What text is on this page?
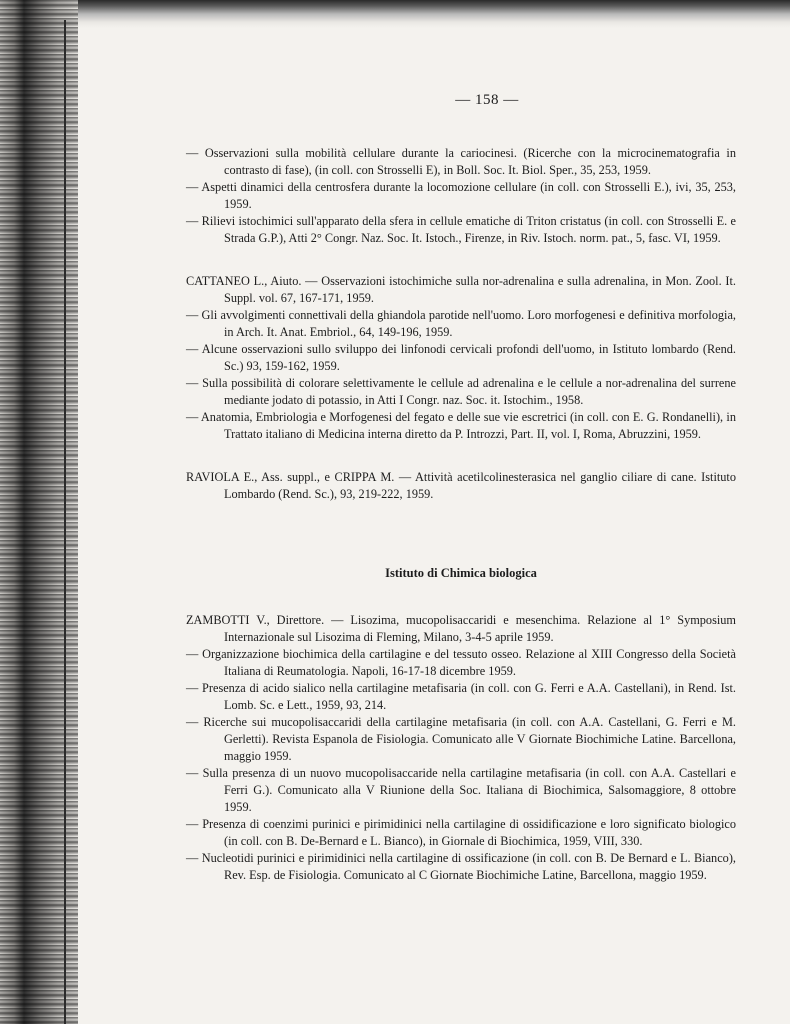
— 158 —

— Osservazioni sulla mobilità cellulare durante la cariocinesi. (Ricerche con la microcinematografia in contrasto di fase), (in coll. con Strosselli E), in Boll. Soc. It. Biol. Sper., 35, 253, 1959.

— Aspetti dinamici della centrosfera durante la locomozione cellulare (in coll. con Strosselli E.), ivi, 35, 253, 1959.

— Rilievi istochimici sull'apparato della sfera in cellule ematiche di Triton cristatus (in coll. con Strosselli E. e Strada G.P.), Atti 2° Congr. Naz. Soc. It. Istoch., Firenze, in Riv. Istoch. norm. pat., 5, fasc. VI, 1959.

CATTANEO L., Aiuto. — Osservazioni istochimiche sulla nor-adrenalina e sulla adrenalina, in Mon. Zool. It. Suppl. vol. 67, 167-171, 1959.

— Gli avvolgimenti connettivali della ghiandola parotide nell'uomo. Loro morfogenesi e definitiva morfologia, in Arch. It. Anat. Embriol., 64, 149-196, 1959.

— Alcune osservazioni sullo sviluppo dei linfonodi cervicali profondi dell'uomo, in Istituto lombardo (Rend. Sc.) 93, 159-162, 1959.

— Sulla possibilità di colorare selettivamente le cellule ad adrenalina e le cellule a nor-adrenalina del surrene mediante jodato di potassio, in Atti I Congr. naz. Soc. it. Istochim., 1958.

— Anatomia, Embriologia e Morfogenesi del fegato e delle sue vie escretrici (in coll. con E. G. Rondanelli), in Trattato italiano di Medicina interna diretto da P. Introzzi, Part. II, vol. I, Roma, Abruzzini, 1959.

RAVIOLA E., Ass. suppl., e CRIPPA M. — Attività acetilcolinesterasica nel ganglio ciliare di cane. Istituto Lombardo (Rend. Sc.), 93, 219-222, 1959.

Istituto di Chimica biologica

ZAMBOTTI V., Direttore. — Lisozima, mucopolisaccaridi e mesenchima. Relazione al 1° Symposium Internazionale sul Lisozima di Fleming, Milano, 3-4-5 aprile 1959.

— Organizzazione biochimica della cartilagine e del tessuto osseo. Relazione al XIII Congresso della Società Italiana di Reumatologia. Napoli, 16-17-18 dicembre 1959.

— Presenza di acido sialico nella cartilagine metafisaria (in coll. con G. Ferri e A.A. Castellani), in Rend. Ist. Lomb. Sc. e Lett., 1959, 93, 214.

— Ricerche sui mucopolisaccaridi della cartilagine metafisaria (in coll. con A.A. Castellani, G. Ferri e M. Gerletti). Revista Espanola de Fisiologia. Comunicato alle V Giornate Biochimiche Latine. Barcellona, maggio 1959.

— Sulla presenza di un nuovo mucopolisaccaride nella cartilagine metafisaria (in coll. con A.A. Castellari e Ferri G.). Comunicato alla V Riunione della Soc. Italiana di Biochimica, Salsomaggiore, 8 ottobre 1959.

— Presenza di coenzimi purinici e pirimidinici nella cartilagine di ossidificazione e loro significato biologico (in coll. con B. De-Bernard e L. Bianco), in Giornale di Biochimica, 1959, VIII, 330.

— Nucleotidi purinici e pirimidinici nella cartilagine di ossificazione (in coll. con B. De Bernard e L. Bianco), Rev. Esp. de Fisiologia. Comunicato al C Giornate Biochimiche Latine, Barcellona, maggio 1959.
